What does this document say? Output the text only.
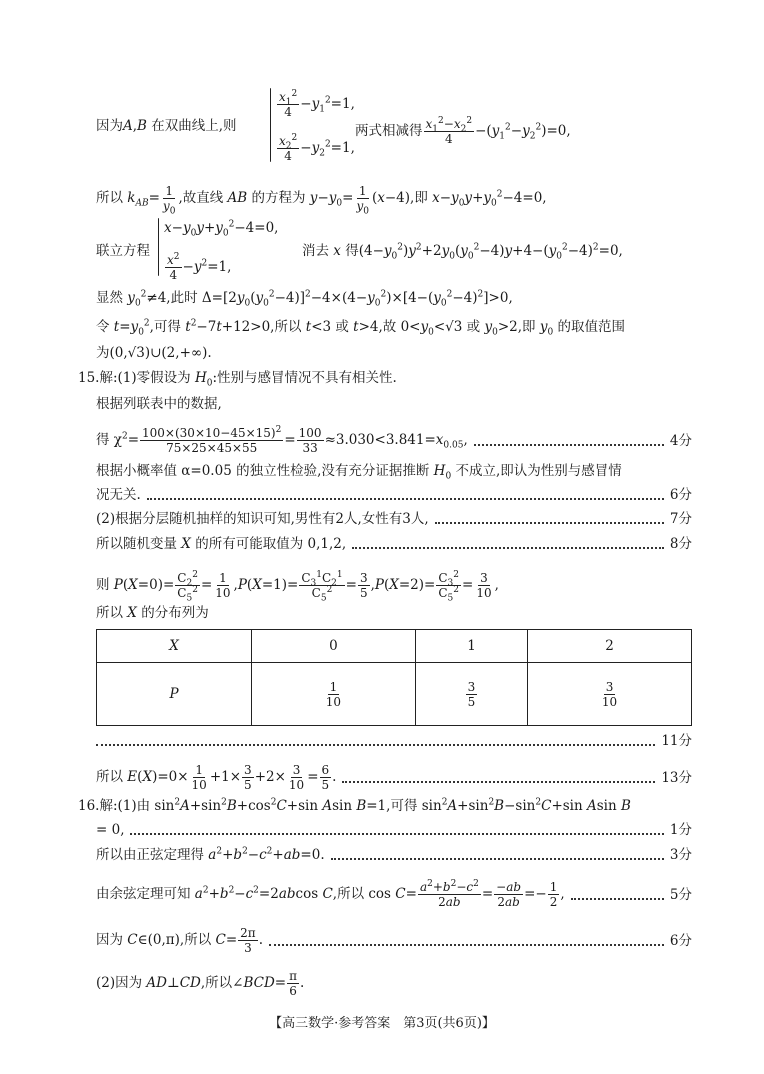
因为A,B 在双曲线上,则
$\frac{x_1^2}{4} -y_1^2=1$,
$\frac{x_2^2}{4} -y_2^2=1$,
两式相减得 $\frac{x_1^2-x_2^2}{4} -(y_1^2-y_2^2)=0$,
所以 $k_{AB}= \frac{1}{y_0}$ ,故直线 AB 的方程为 $y-y_0= \frac{1}{y_0} (x-4)$,即 $x-y_0y+y_0^2-4=0$,
联立方程
$x-y_0y+y_0^2-4=0$,
$\frac{x^2}{4} -y^2=1$,
消去 x 得$(4-y_0^2)y^2+2y_0(y_0^2-4)y+4-(y_0^2-4)^2=0$,
显然 $y_0^2\ne 4$,此时 $\Delta=[2y_0(y_0^2-4)]^2-4\times(4-y_0^2)\times[4-(y_0^2-4)^2]>0$,
令 $t=y_0^2$,可得 $t^2-7t+12>0$,所以 t<3 或 t>4,故 $0<y_0<√3$ 或 $y_0>2$,即 $y_0$ 的取值范围
为(0,√3)∪(2,+∞).
15.解:(1)零假设为 $H_0$:性别与感冒情况不具有相关性.
根据列联表中的数据,
得 $\chi^2= \frac{100\times(30\times 10-45\times 15)^2}{75\times 25\times 45\times 55} = \frac{100}{33} \approx 3.030<3.841=x_{0.05}$,	4分
根据小概率值 α=0.05 的独立性检验,没有充分证据推断 $H_0$ 不成立,即认为性别与感冒情
况无关.	6分
(2)根据分层随机抽样的知识可知,男性有2人,女性有3人,	7分
所以随机变量 X 的所有可能取值为 0,1,2,	8分
则 $P(X=0)= \frac{C_2^2}{C_5^2} = \frac{1}{10} ,P(X=1)= \frac{C_3^1C_2^1}{C_5^2} = \frac{3}{5} ,P(X=2)= \frac{C_3^2}{C_5^2} = \frac{3}{10}$ ,
所以 X 的分布列为
X	0	1	2
P	$\frac{1}{10}$	$\frac{3}{5}$	$\frac{3}{10}$
11分
所以 $E(X)=0\times \frac{1}{10} +1\times \frac{3}{5} +2\times \frac{3}{10} = \frac{6}{5}$ .	13分
16.解:(1)由 $\sin^2A+\sin^2B+\cos^2C+\sin$ Asin B=1,可得 $\sin^2A+\sin^2B-\sin^2C+\sin$ Asin B
= 0,	1分
所以由正弦定理得 $a^2+b^2-c^2+ab=0$.	3分
由余弦定理可知 $a^2+b^2-c^2=2abcos$ C,所以 $\cos C= \frac{a^2+b^2-c^2}{2ab} = \frac{-ab}{2ab} =- \frac{1}{2}$ ,	5分
因为 C∈(0,π),所以 $C= \frac{2\pi}{3}$ .	6分
(2)因为 AD⊥CD,所以∠BCD= $\frac{\pi}{6}$ .
【高三数学·参考答案　第3页(共6页)】
